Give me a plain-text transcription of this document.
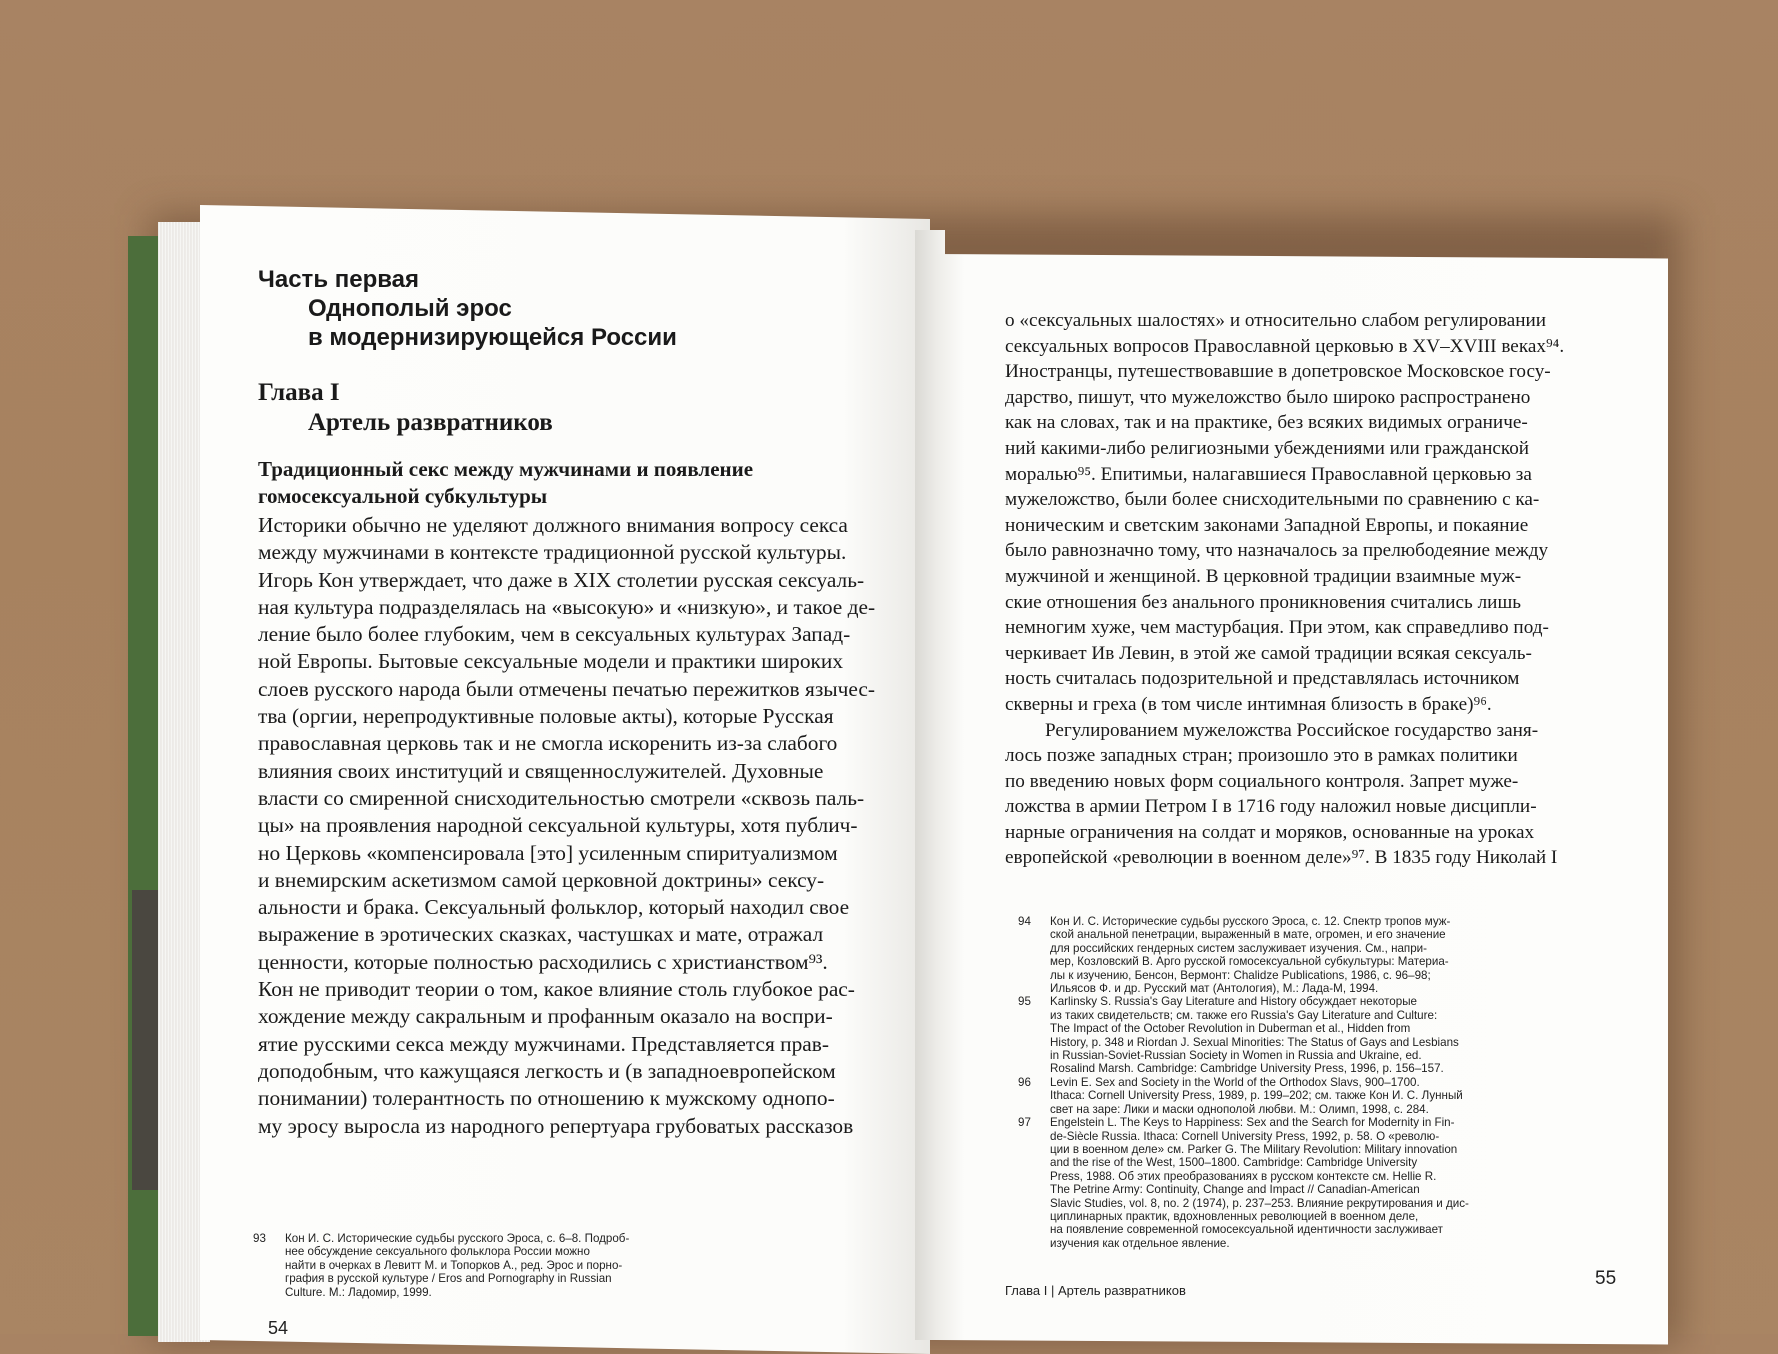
Часть первая
Однополый эрос
в модернизирующейся России
Глава I
Артель развратников
Традиционный секс между мужчинами и появление
гомосексуальной субкультуры
Историки обычно не уделяют должного внимания вопросу секса
между мужчинами в контексте традиционной русской культуры.
Игорь Кон утверждает, что даже в XIX столетии русская сексуаль-
ная культура подразделялась на «высокую» и «низкую», и такое де-
ление было более глубоким, чем в сексуальных культурах Запад-
ной Европы. Бытовые сексуальные модели и практики широких
слоев русского народа были отмечены печатью пережитков язычес-
тва (оргии, нерепродуктивные половые акты), которые Русская
православная церковь так и не смогла искоренить из-за слабого
влияния своих институций и священнослужителей. Духовные
власти со смиренной снисходительностью смотрели «сквозь паль-
цы» на проявления народной сексуальной культуры, хотя публич-
но Церковь «компенсировала [это] усиленным спиритуализмом
и внемирским аскетизмом самой церковной доктрины» сексу-
альности и брака. Сексуальный фольклор, который находил свое
выражение в эротических сказках, частушках и мате, отражал
ценности, которые полностью расходились с христианством⁹³.
Кон не приводит теории о том, какое влияние столь глубокое рас-
хождение между сакральным и профанным оказало на воспри-
ятие русскими секса между мужчинами. Представляется прав-
доподобным, что кажущаяся легкость и (в западноевропейском
понимании) толерантность по отношению к мужскому однопо-
му эросу выросла из народного репертуара грубоватых рассказов
93 Кон И. С. Исторические судьбы русского Эроса, с. 6–8. Подроб-
нее обсуждение сексуального фольклора России можно
найти в очерках в Левитт М. и Топорков А., ред. Эрос и порно-
графия в русской культуре / Eros and Pornography in Russian
Culture. М.: Ладомир, 1999.
54
о «сексуальных шалостях» и относительно слабом регулировании
сексуальных вопросов Православной церковью в XV–XVIII веках⁹⁴.
Иностранцы, путешествовавшие в допетровское Московское госу-
дарство, пишут, что мужеложство было широко распространено
как на словах, так и на практике, без всяких видимых ограниче-
ний какими-либо религиозными убеждениями или гражданской
моралью⁹⁵. Епитимьи, налагавшиеся Православной церковью за
мужеложство, были более снисходительными по сравнению с ка-
ноническим и светским законами Западной Европы, и покаяние
было равнозначно тому, что назначалось за прелюбодеяние между
мужчиной и женщиной. В церковной традиции взаимные муж-
ские отношения без анального проникновения считались лишь
немногим хуже, чем мастурбация. При этом, как справедливо под-
черкивает Ив Левин, в этой же самой традиции всякая сексуаль-
ность считалась подозрительной и представлялась источником
скверны и греха (в том числе интимная близость в браке)⁹⁶.
Регулированием мужеложства Российское государство заня-
лось позже западных стран; произошло это в рамках политики
по введению новых форм социального контроля. Запрет муже-
ложства в армии Петром I в 1716 году наложил новые дисципли-
нарные ограничения на солдат и моряков, основанные на уроках
европейской «революции в военном деле»⁹⁷. В 1835 году Николай I
94 Кон И. С. Исторические судьбы русского Эроса, с. 12. Спектр тропов муж-
ской анальной пенетрации, выраженный в мате, огромен, и его значение
для российских гендерных систем заслуживает изучения. См., напри-
мер, Козловский В. Арго русской гомосексуальной субкультуры: Материа-
лы к изучению, Бенсон, Вермонт: Chalidze Publications, 1986, с. 96–98;
Ильясов Ф. и др. Русский мат (Антология), М.: Лада-М, 1994.
95 Karlinsky S. Russia's Gay Literature and History обсуждает некоторые
из таких свидетельств; см. также его Russia's Gay Literature and Culture:
The Impact of the October Revolution in Duberman et al., Hidden from
History, p. 348 и Riordan J. Sexual Minorities: The Status of Gays and Lesbians
in Russian-Soviet-Russian Society in Women in Russia and Ukraine, ed.
Rosalind Marsh. Cambridge: Cambridge University Press, 1996, p. 156–157.
96 Levin E. Sex and Society in the World of the Orthodox Slavs, 900–1700.
Ithaca: Cornell University Press, 1989, p. 199–202; см. также Кон И. С. Лунный
свет на заре: Лики и маски однополой любви. М.: Олимп, 1998, с. 284.
97 Engelstein L. The Keys to Happiness: Sex and the Search for Modernity in Fin-
de-Siècle Russia. Ithaca: Cornell University Press, 1992, p. 58. О «револю-
ции в военном деле» см. Parker G. The Military Revolution: Military innovation
and the rise of the West, 1500–1800. Cambridge: Cambridge University
Press, 1988. Об этих преобразованиях в русском контексте см. Hellie R.
The Petrine Army: Continuity, Change and Impact // Canadian-American
Slavic Studies, vol. 8, no. 2 (1974), p. 237–253. Влияние рекрутирования и дис-
циплинарных практик, вдохновленных революцией в военном деле,
на появление современной гомосексуальной идентичности заслуживает
изучения как отдельное явление.
Глава I | Артель развратников
55
